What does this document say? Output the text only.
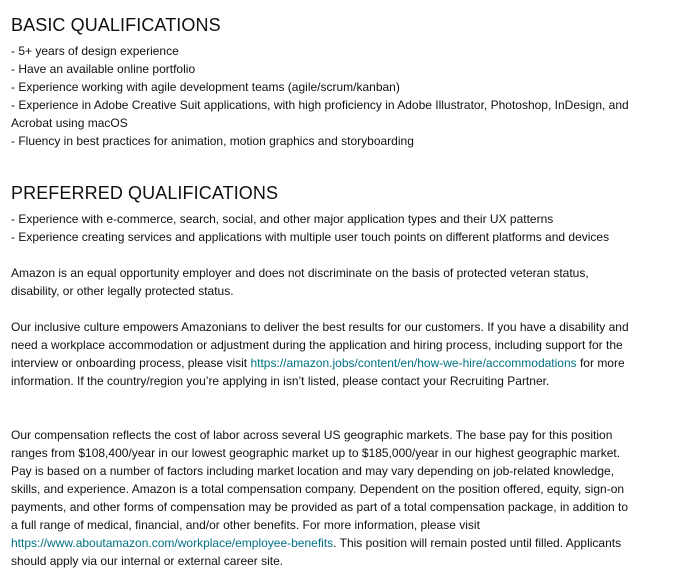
BASIC QUALIFICATIONS
- 5+ years of design experience
- Have an available online portfolio
- Experience working with agile development teams (agile/scrum/kanban)
- Experience in Adobe Creative Suit applications, with high proficiency in Adobe Illustrator, Photoshop, InDesign, and Acrobat using macOS
- Fluency in best practices for animation, motion graphics and storyboarding
PREFERRED QUALIFICATIONS
- Experience with e-commerce, search, social, and other major application types and their UX patterns
- Experience creating services and applications with multiple user touch points on different platforms and devices

Amazon is an equal opportunity employer and does not discriminate on the basis of protected veteran status, disability, or other legally protected status.

Our inclusive culture empowers Amazonians to deliver the best results for our customers. If you have a disability and need a workplace accommodation or adjustment during the application and hiring process, including support for the interview or onboarding process, please visit https://amazon.jobs/content/en/how-we-hire/accommodations for more information. If the country/region you’re applying in isn’t listed, please contact your Recruiting Partner.

Our compensation reflects the cost of labor across several US geographic markets. The base pay for this position ranges from $108,400/year in our lowest geographic market up to $185,000/year in our highest geographic market. Pay is based on a number of factors including market location and may vary depending on job-related knowledge, skills, and experience. Amazon is a total compensation company. Dependent on the position offered, equity, sign-on payments, and other forms of compensation may be provided as part of a total compensation package, in addition to a full range of medical, financial, and/or other benefits. For more information, please visit https://www.aboutamazon.com/workplace/employee-benefits. This position will remain posted until filled. Applicants should apply via our internal or external career site.
